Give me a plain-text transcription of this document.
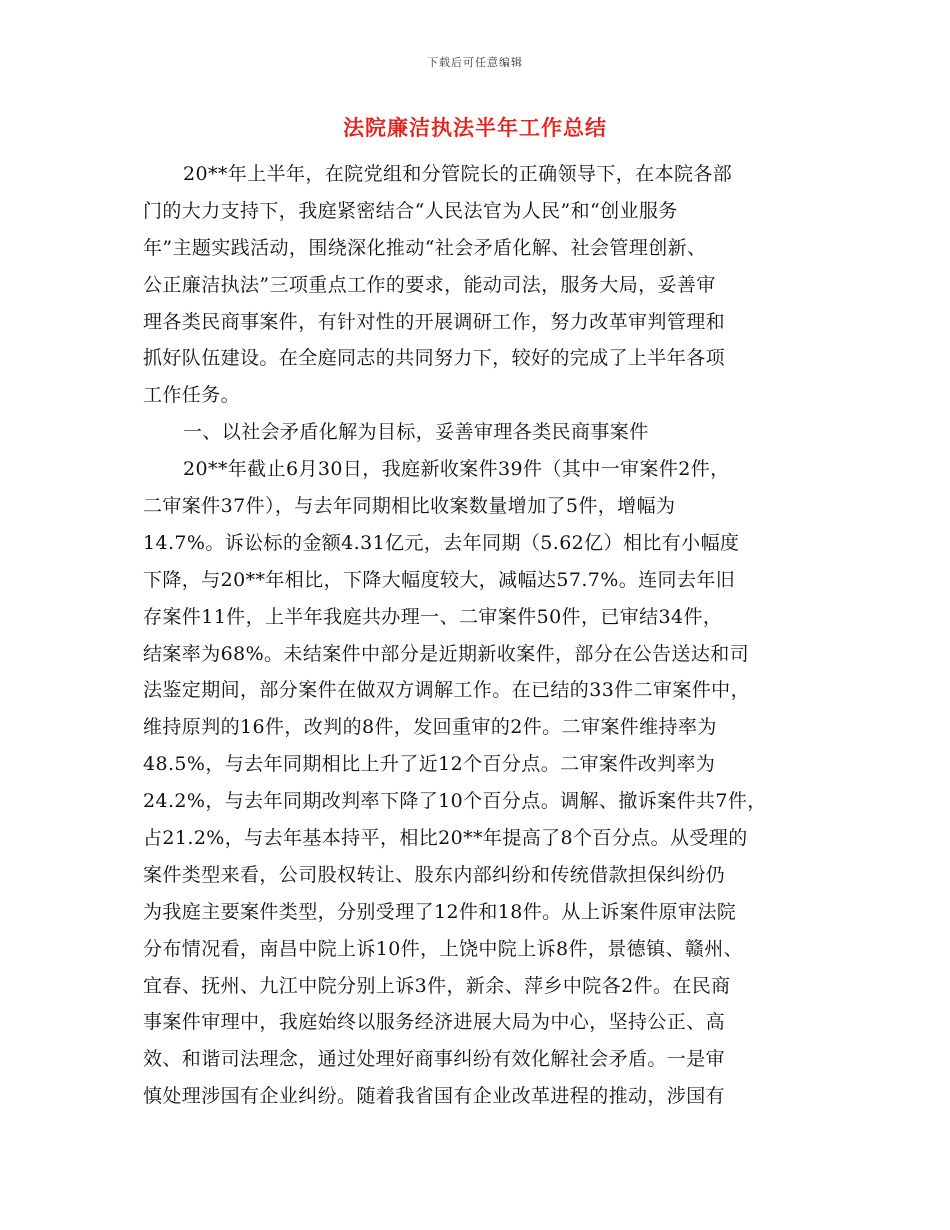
下载后可任意编辑
法院廉洁执法半年工作总结
20**年上半年，在院党组和分管院长的正确领导下，在本院各部
门的大力支持下，我庭紧密结合“人民法官为人民”和“创业服务
年”主题实践活动，围绕深化推动“社会矛盾化解、社会管理创新、
公正廉洁执法”三项重点工作的要求，能动司法，服务大局，妥善审
理各类民商事案件，有针对性的开展调研工作，努力改革审判管理和
抓好队伍建设。在全庭同志的共同努力下，较好的完成了上半年各项
工作任务。
一、以社会矛盾化解为目标，妥善审理各类民商事案件
20**年截止6月30日，我庭新收案件39件（其中一审案件2件，
二审案件37件），与去年同期相比收案数量增加了5件，增幅为
14.7%。诉讼标的金额4.31亿元，去年同期（5.62亿）相比有小幅度
下降，与20**年相比，下降大幅度较大，减幅达57.7%。连同去年旧
存案件11件，上半年我庭共办理一、二审案件50件，已审结34件，
结案率为68%。未结案件中部分是近期新收案件，部分在公告送达和司
法鉴定期间，部分案件在做双方调解工作。在已结的33件二审案件中，
维持原判的16件，改判的8件，发回重审的2件。二审案件维持率为
48.5%，与去年同期相比上升了近12个百分点。二审案件改判率为
24.2%，与去年同期改判率下降了10个百分点。调解、撤诉案件共7件，
占21.2%，与去年基本持平，相比20**年提高了8个百分点。从受理的
案件类型来看，公司股权转让、股东内部纠纷和传统借款担保纠纷仍
为我庭主要案件类型，分别受理了12件和18件。从上诉案件原审法院
分布情况看，南昌中院上诉10件，上饶中院上诉8件，景德镇、赣州、
宜春、抚州、九江中院分别上诉3件，新余、萍乡中院各2件。在民商
事案件审理中，我庭始终以服务经济进展大局为中心，坚持公正、高
效、和谐司法理念，通过处理好商事纠纷有效化解社会矛盾。一是审
慎处理涉国有企业纠纷。随着我省国有企业改革进程的推动，涉国有
